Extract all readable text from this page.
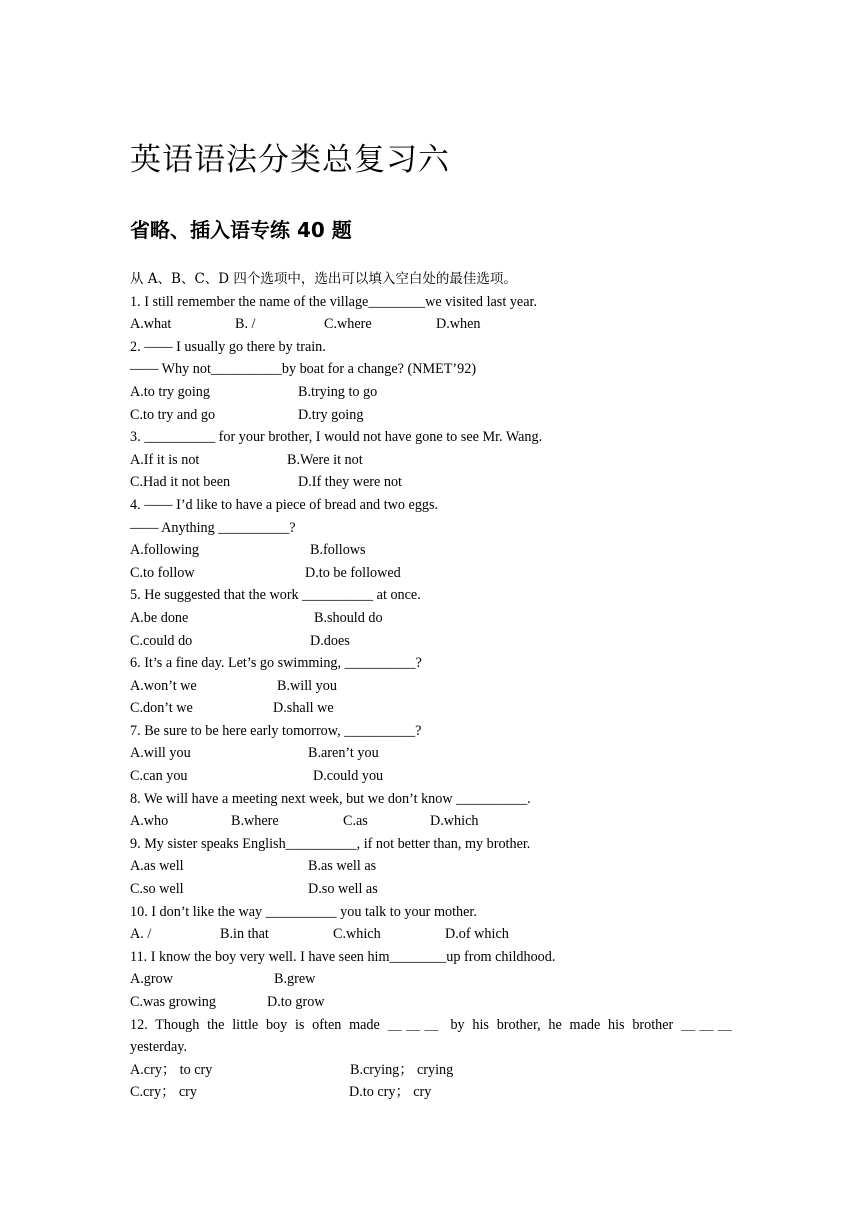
英语语法分类总复习六
省略、插入语专练 40 题
从 A、B、C、D 四个选项中，选出可以填入空白处的最佳选项。
1. I still remember the name of the village________we visited last year.
A.what	B. /	C.where	D.when
2. —— I usually go there by train.
—— Why not__________by boat for a change? (NMET’92)
A.to try going	B.trying to go
C.to try and go	D.try going
3. __________ for your brother, I would not have gone to see Mr. Wang.
A.If it is not	B.Were it not
C.Had it not been	D.If they were not
4. —— I’d like to have a piece of bread and two eggs.
—— Anything __________?
A.following	B.follows
C.to follow	D.to be followed
5. He suggested that the work __________ at once.
A.be done	B.should do
C.could do	D.does
6. It’s a fine day. Let’s go swimming, __________?
A.won’t we	B.will you
C.don’t we	D.shall we
7. Be sure to be here early tomorrow, __________?
A.will you	B.aren’t you
C.can you	D.could you
8. We will have a meeting next week, but we don’t know __________.
A.who	B.where	C.as	D.which
9. My sister speaks English__________, if not better than, my brother.
A.as well	B.as well as
C.so well	D.so well as
10. I don’t like the way __________ you talk to your mother.
A. /	B.in that	C.which	D.of which
11. I know the boy very well. I have seen him________up from childhood.
A.grow	B.grew
C.was growing	D.to grow
12. Though the little boy is often made ＿＿＿ by his brother, he made his brother ＿＿＿
yesterday.
A.cry； to cry	B.crying； crying
C.cry； cry	D.to cry； cry
